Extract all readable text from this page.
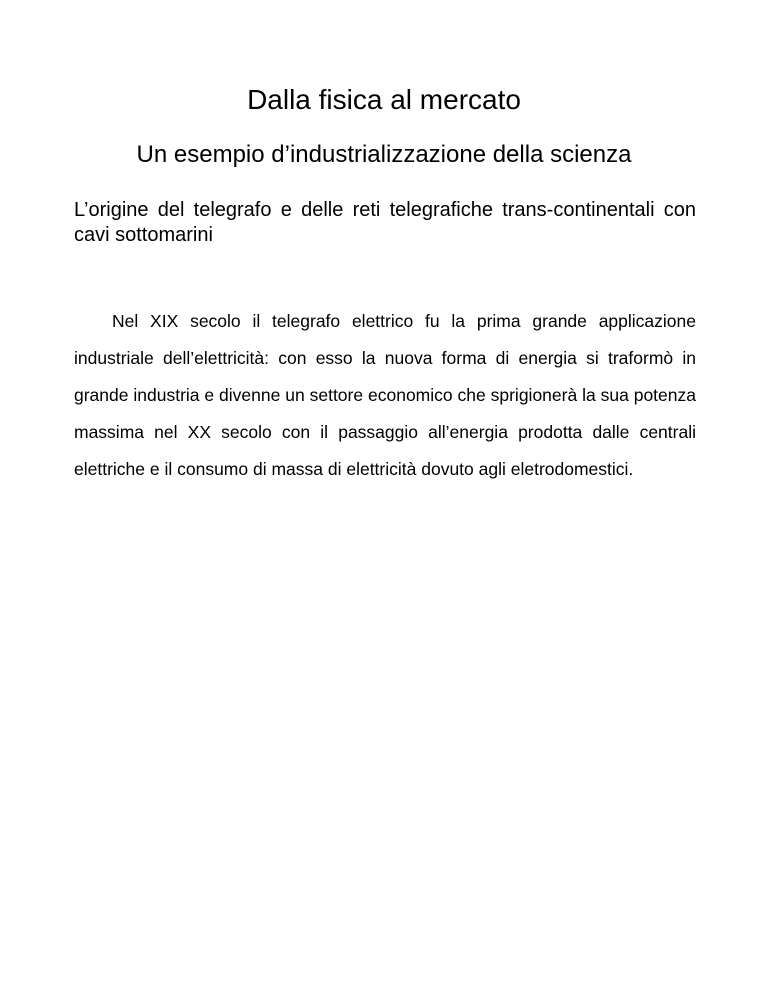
Dalla fisica al mercato
Un esempio d’industrializzazione della scienza
L’origine del telegrafo e delle reti telegrafiche trans-continentali con cavi sottomarini

Nel XIX secolo il telegrafo elettrico fu la prima grande applicazione industriale dell’elettricità: con esso la nuova forma di energia si traformò in grande industria e divenne un settore economico che sprigionerà la sua potenza massima nel XX secolo con il passaggio all’energia prodotta dalle centrali elettriche e il consumo di massa di elettricità dovuto agli eletrodomestici.
